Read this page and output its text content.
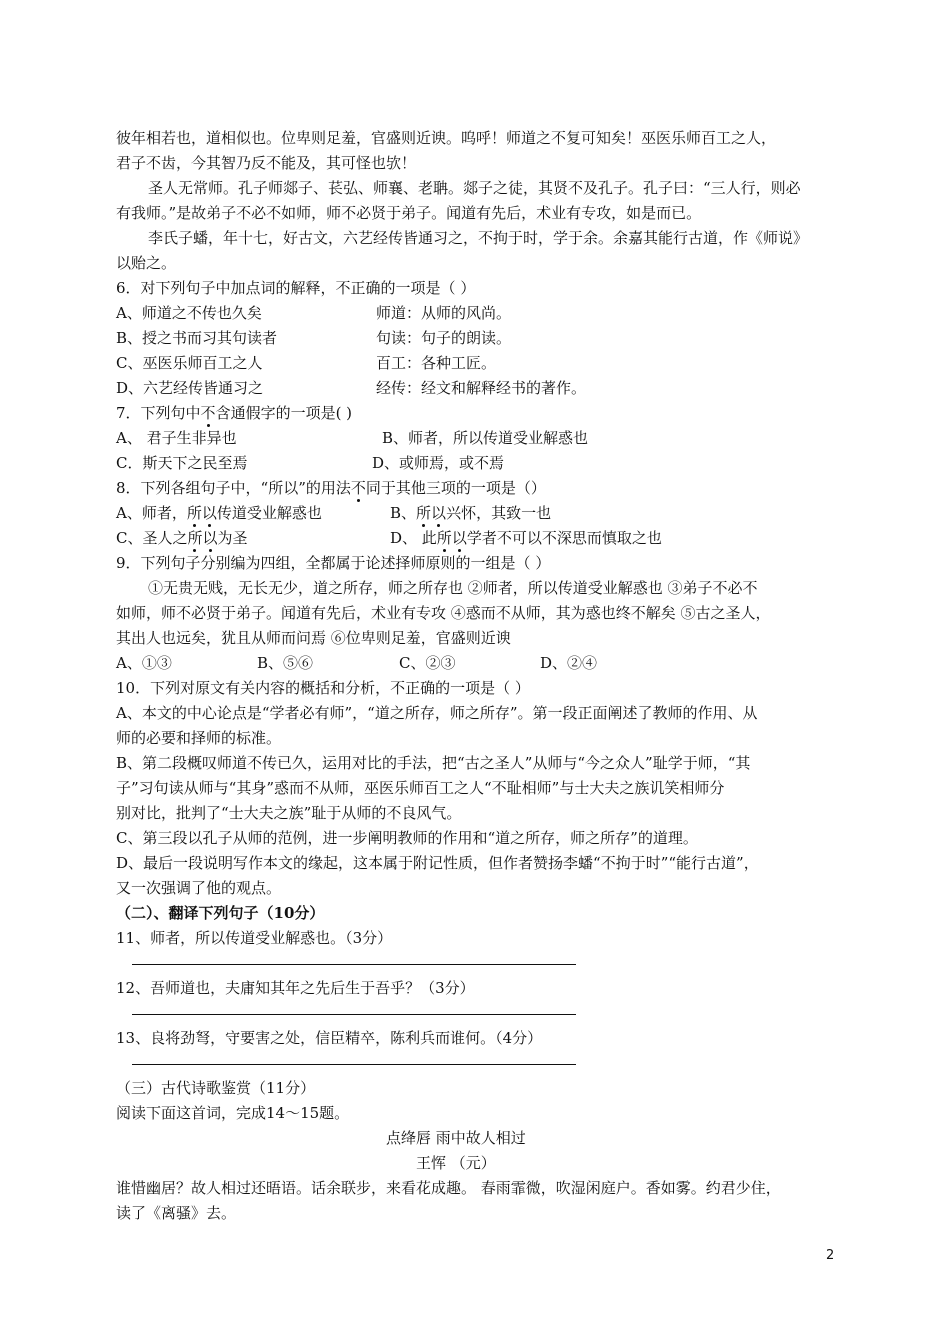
彼年相若也，道相似也。位卑则足羞，官盛则近谀。呜呼！师道之不复可知矣！巫医乐师百工之人，
君子不齿，今其智乃反不能及，其可怪也欤！
圣人无常师。孔子师郯子、苌弘、师襄、老聃。郯子之徒，其贤不及孔子。孔子曰：“三人行，则必
有我师。”是故弟子不必不如师，师不必贤于弟子。闻道有先后，术业有专攻，如是而已。
李氏子蟠，年十七，好古文，六艺经传皆通习之，不拘于时，学于余。余嘉其能行古道，作《师说》
以贻之。
6．对下列句子中加点词的解释，不正确的一项是（ ）
A、师道之不传也久矣	师道：从师的风尚。
B、授之书而习其句读者	句读：句子的朗读。
C、巫医乐师百工之人	百工：各种工匠。
D、六艺经传皆通习之	经传：经文和解释经书的著作。
7．下列句中不含通假字的一项是( )
A、 君子生非异也	B、师者，所以传道受业解惑也
C．斯天下之民至焉	D、或师焉，或不焉
8．下列各组句子中，“所以”的用法不同于其他三项的一项是（）
A、师者，所以传道受业解惑也	B、所以兴怀，其致一也
C、圣人之所以为圣	D、 此所以学者不可以不深思而慎取之也
9．下列句子分别编为四组，全都属于论述择师原则的一组是（ ）
①无贵无贱，无长无少，道之所存，师之所存也 ②师者，所以传道受业解惑也 ③弟子不必不
如师，师不必贤于弟子。闻道有先后，术业有专攻 ④惑而不从师，其为惑也终不解矣 ⑤古之圣人，
其出人也远矣，犹且从师而问焉 ⑥位卑则足羞，官盛则近谀
A、①③	B、⑤⑥	C、②③	D、②④
10．下列对原文有关内容的概括和分析，不正确的一项是（ ）
A、本文的中心论点是“学者必有师”，“道之所存，师之所存”。第一段正面阐述了教师的作用、从
师的必要和择师的标准。
B、第二段概叹师道不传已久，运用对比的手法，把“古之圣人”从师与“今之众人”耻学于师，“其
子”习句读从师与“其身”惑而不从师，巫医乐师百工之人“不耻相师”与士大夫之族讥笑相师分
别对比，批判了“士大夫之族”耻于从师的不良风气。
C、第三段以孔子从师的范例，进一步阐明教师的作用和“道之所存，师之所存”的道理。
D、最后一段说明写作本文的缘起，这本属于附记性质，但作者赞扬李蟠“不拘于时”“能行古道”，
又一次强调了他的观点。
（二）、翻译下列句子（10分）
11、师者，所以传道受业解惑也。（3分）
12、吾师道也，夫庸知其年之先后生于吾乎？（3分）
13、良将劲弩，守要害之处，信臣精卒，陈利兵而谁何。（4分）
（三）古代诗歌鉴赏（11分）
阅读下面这首词，完成14～15题。
点绛唇 雨中故人相过
王恽 （元）
谁惜幽居？故人相过还晤语。话余联步，来看花成趣。 春雨霏微，吹湿闲庭户。香如雾。约君少住，
读了《离骚》去。
2
